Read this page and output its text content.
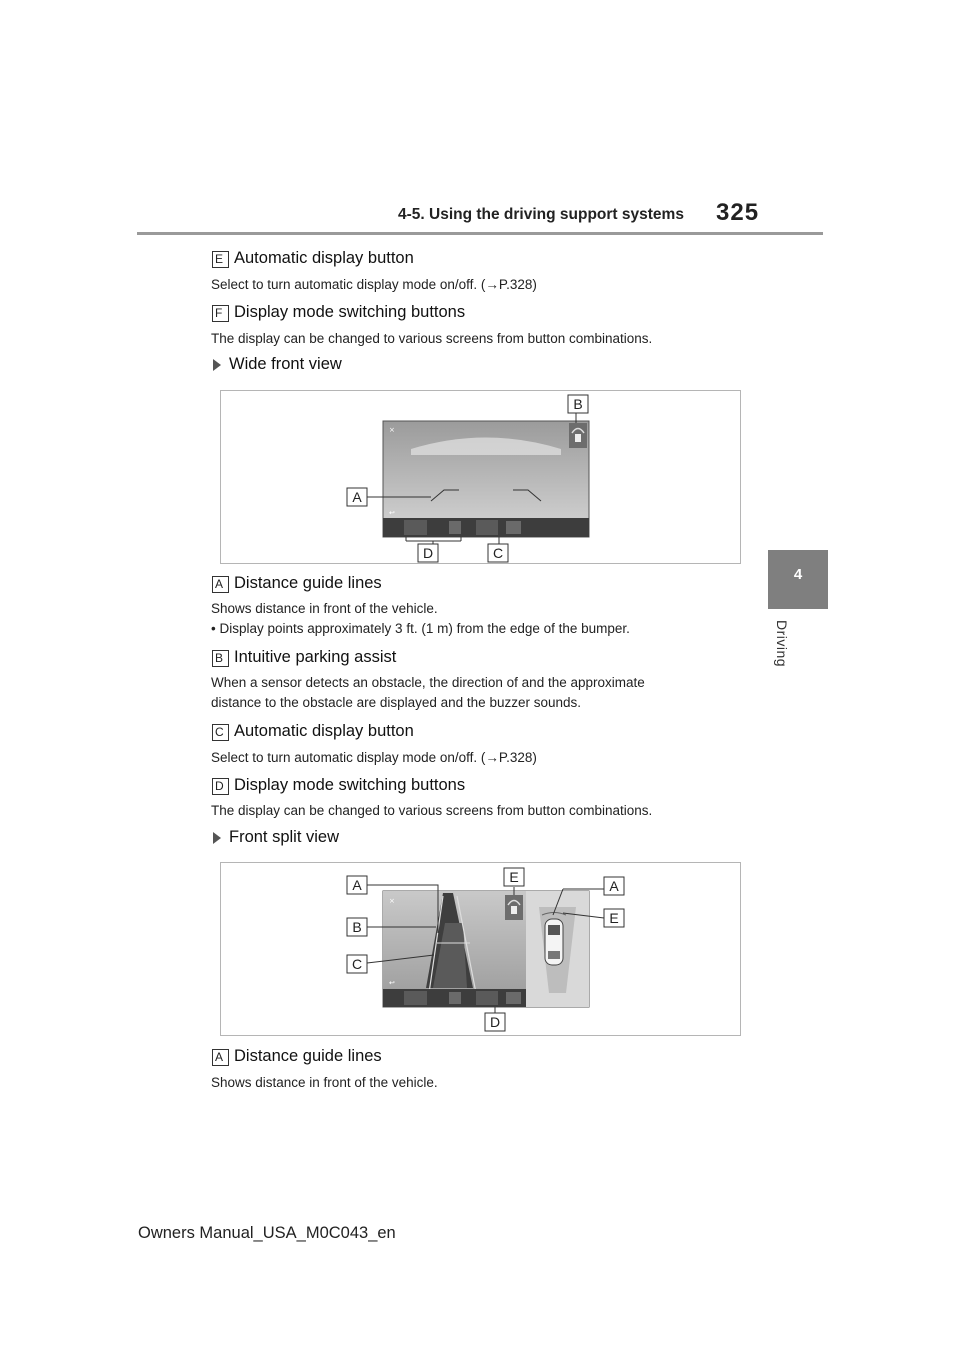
4-5. Using the driving support systems 325
4
Driving
E Automatic display button
Select to turn automatic display mode on/off. (→P.328)
F Display mode switching buttons
The display can be changed to various screens from button combinations.
Wide front view
×
↩
B
A
D	C
A Distance guide lines
Shows distance in front of the vehicle.
• Display points approximately 3 ft. (1 m) from the edge of the bumper.
B Intuitive parking assist
When a sensor detects an obstacle, the direction of and the approximate
distance to the obstacle are displayed and the buzzer sounds.
C Automatic display button
Select to turn automatic display mode on/off. (→P.328)
D Display mode switching buttons
The display can be changed to various screens from button combinations.
Front split view
×
↩
A	E
A
B
E
C
D
A Distance guide lines
Shows distance in front of the vehicle.
Owners Manual_USA_M0C043_en
